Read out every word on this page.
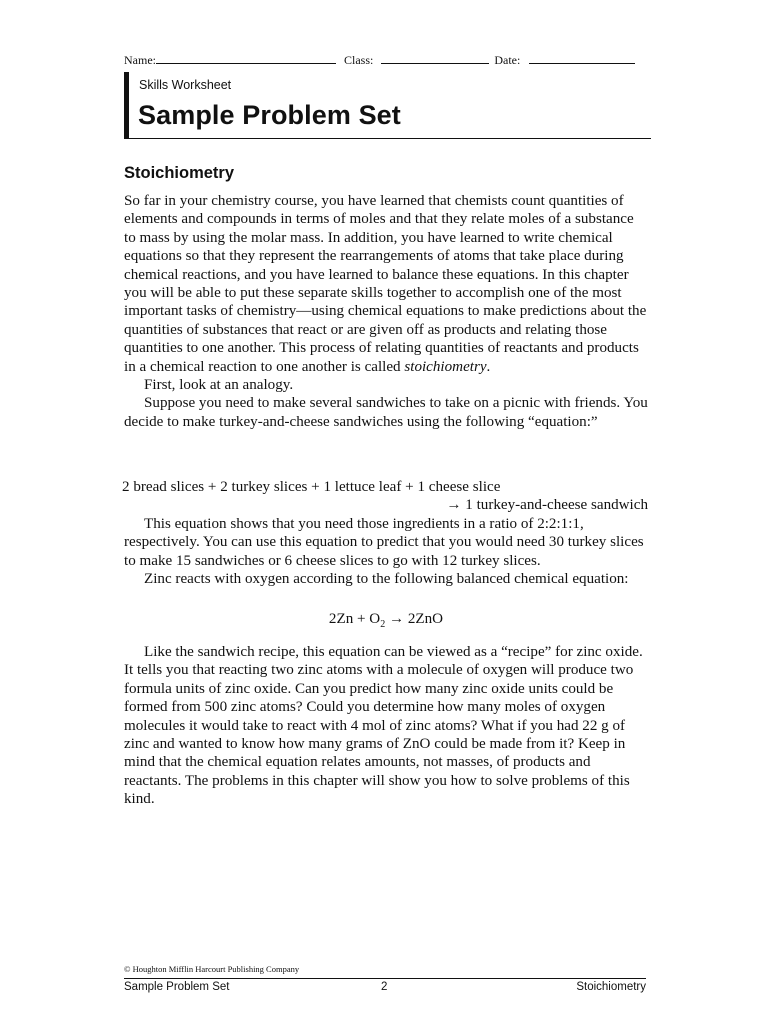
Name:	Class:	Date:
Skills Worksheet
Sample Problem Set
Stoichiometry

So far in your chemistry course, you have learned that chemists count quantities of elements and compounds in terms of moles and that they relate moles of a substance to mass by using the molar mass. In addition, you have learned to write chemical equations so that they represent the rearrangements of atoms that take place during chemical reactions, and you have learned to balance these equations. In this chapter you will be able to put these separate skills together to accomplish one of the most important tasks of chemistry—using chemical equations to make predictions about the quantities of substances that react or are given off as products and relating those quantities to one another. This process of relating quantities of reactants and products in a chemical reaction to one another is called stoichiometry.

First, look at an analogy.

Suppose you need to make several sandwiches to take on a picnic with friends. You decide to make turkey-and-cheese sandwiches using the following “equation:”

2 bread slices + 2 turkey slices + 1 lettuce leaf + 1 cheese slice

→ 1 turkey-and-cheese sandwich

This equation shows that you need those ingredients in a ratio of 2:2:1:1, respectively. You can use this equation to predict that you would need 30 turkey slices to make 15 sandwiches or 6 cheese slices to go with 12 turkey slices.

Zinc reacts with oxygen according to the following balanced chemical equation:

$2Zn + O_2 \to 2ZnO$

Like the sandwich recipe, this equation can be viewed as a “recipe” for zinc oxide. It tells you that reacting two zinc atoms with a molecule of oxygen will produce two formula units of zinc oxide. Can you predict how many zinc oxide units could be formed from 500 zinc atoms? Could you determine how many moles of oxygen molecules it would take to react with 4 mol of zinc atoms? What if you had 22 g of zinc and wanted to know how many grams of ZnO could be made from it? Keep in mind that the chemical equation relates amounts, not masses, of products and reactants. The problems in this chapter will show you how to solve problems of this kind.

© Houghton Mifflin Harcourt Publishing Company
Sample Problem Set	2	Stoichiometry
